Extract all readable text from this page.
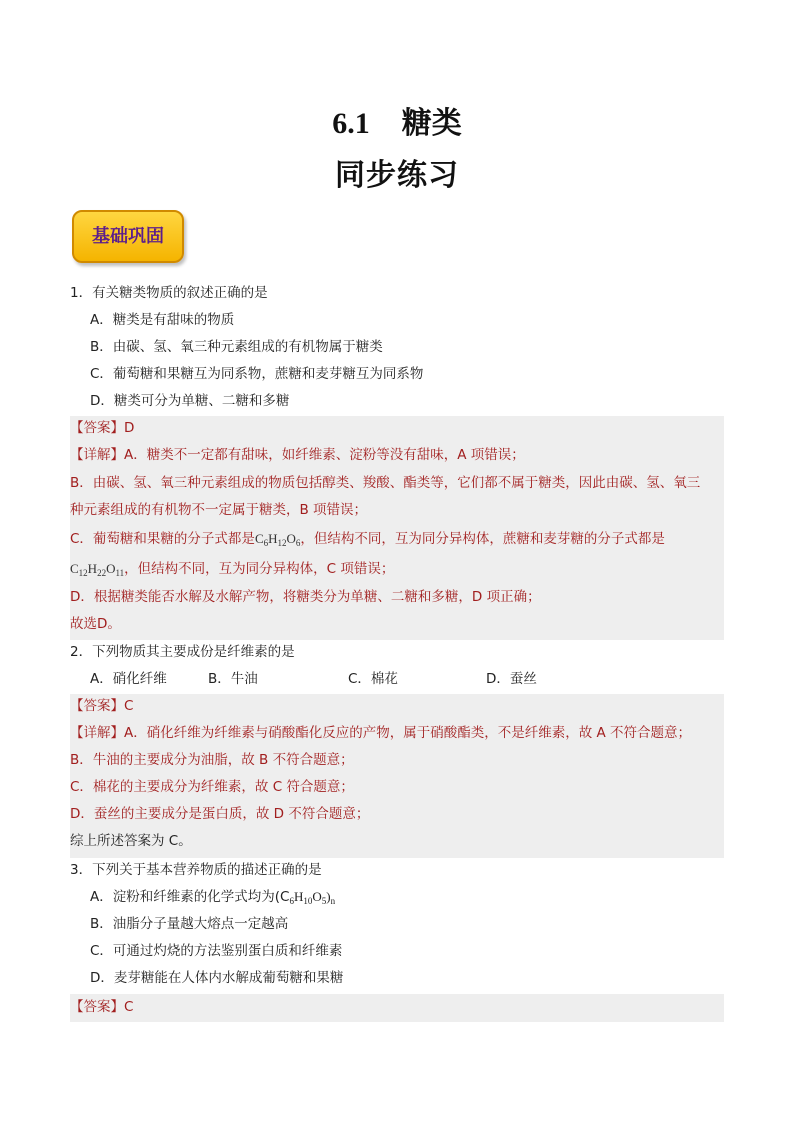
6.1 糖类
同步练习
基础巩固
1．有关糖类物质的叙述正确的是
A．糖类是有甜味的物质
B．由碳、氢、氧三种元素组成的有机物属于糖类
C．葡萄糖和果糖互为同系物，蔗糖和麦芽糖互为同系物
D．糖类可分为单糖、二糖和多糖
【答案】D
【详解】A．糖类不一定都有甜味，如纤维素、淀粉等没有甜味，A 项错误；
B．由碳、氢、氧三种元素组成的物质包括醇类、羧酸、酯类等，它们都不属于糖类，因此由碳、氢、氧三
种元素组成的有机物不一定属于糖类，B 项错误；
C．葡萄糖和果糖的分子式都是$C_6H_{12}O_6$，但结构不同，互为同分异构体，蔗糖和麦芽糖的分子式都是
$C_{12}H_{22}O_{11}$，但结构不同，互为同分异构体，C 项错误；
D．根据糖类能否水解及水解产物，将糖类分为单糖、二糖和多糖，D 项正确；
故选D。
2．下列物质其主要成份是纤维素的是
A．硝化纤维	B．牛油	C．棉花	D．蚕丝
【答案】C
【详解】A．硝化纤维为纤维素与硝酸酯化反应的产物，属于硝酸酯类，不是纤维素，故 A 不符合题意；
B．牛油的主要成分为油脂，故 B 不符合题意；
C．棉花的主要成分为纤维素，故 C 符合题意；
D．蚕丝的主要成分是蛋白质，故 D 不符合题意；
综上所述答案为 C。
3．下列关于基本营养物质的描述正确的是
A．淀粉和纤维素的化学式均为$(C_6H_{10}O_5)_n$
B．油脂分子量越大熔点一定越高
C．可通过灼烧的方法鉴别蛋白质和纤维素
D．麦芽糖能在人体内水解成葡萄糖和果糖
【答案】C
